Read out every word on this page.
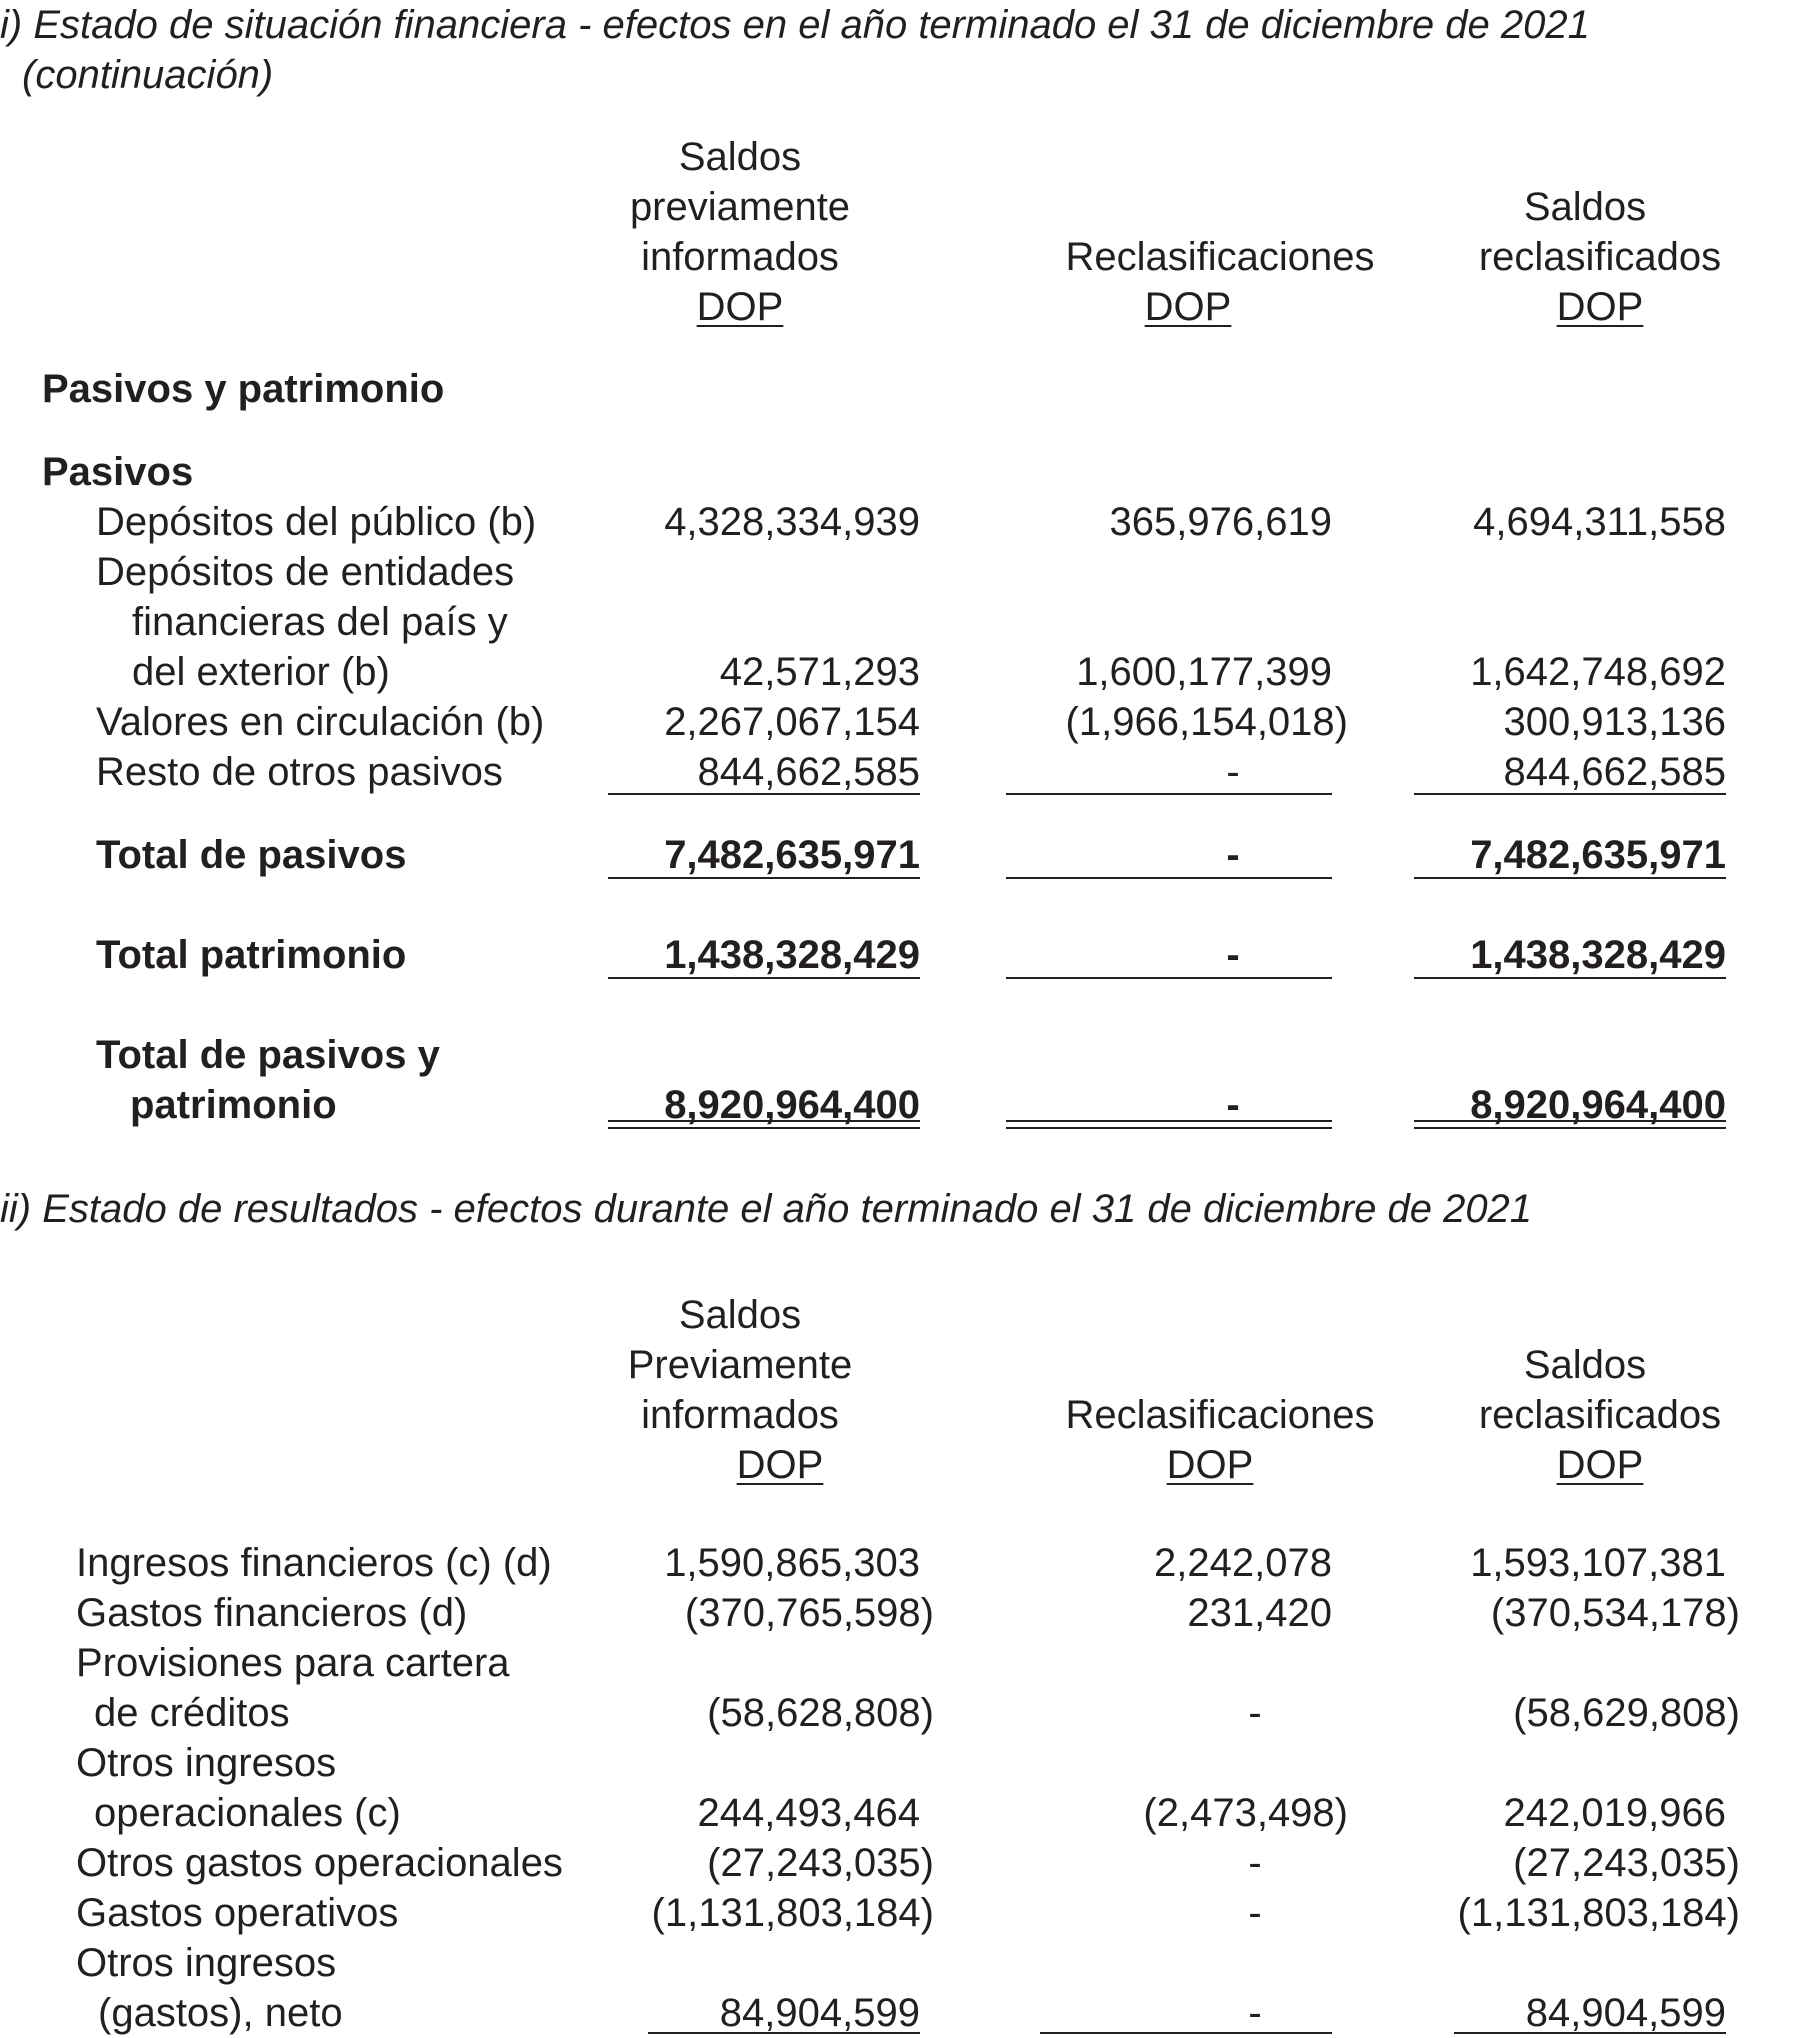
i) Estado de situación financiera - efectos en el año terminado el 31 de diciembre de 2021
(continuación)
Saldos
previamente
informados
DOP
Reclasificaciones
DOP
Saldos
reclasificados
DOP
Pasivos y patrimonio
Pasivos
Depósitos del público (b)	4,328,334,939	365,976,619	4,694,311,558
Depósitos de entidades
financieras del país y
del exterior (b)	42,571,293	1,600,177,399	1,642,748,692
Valores en circulación (b)	2,267,067,154	(1,966,154,018)	300,913,136
Resto de otros pasivos	844,662,585	-	844,662,585
Total de pasivos	7,482,635,971	-	7,482,635,971
Total patrimonio	1,438,328,429	-	1,438,328,429
Total de pasivos y
patrimonio	8,920,964,400	-	8,920,964,400
ii) Estado de resultados - efectos durante el año terminado el 31 de diciembre de 2021
Saldos
Previamente
informados
DOP
Reclasificaciones
DOP
Saldos
reclasificados
DOP
Ingresos financieros (c) (d)	1,590,865,303	2,242,078	1,593,107,381
Gastos financieros (d)	(370,765,598)	231,420	(370,534,178)
Provisiones para cartera
de créditos	(58,628,808)	-	(58,629,808)
Otros ingresos
operacionales (c)	244,493,464	(2,473,498)	242,019,966
Otros gastos operacionales	(27,243,035)	-	(27,243,035)
Gastos operativos	(1,131,803,184)	-	(1,131,803,184)
Otros ingresos
(gastos), neto	84,904,599	-	84,904,599
